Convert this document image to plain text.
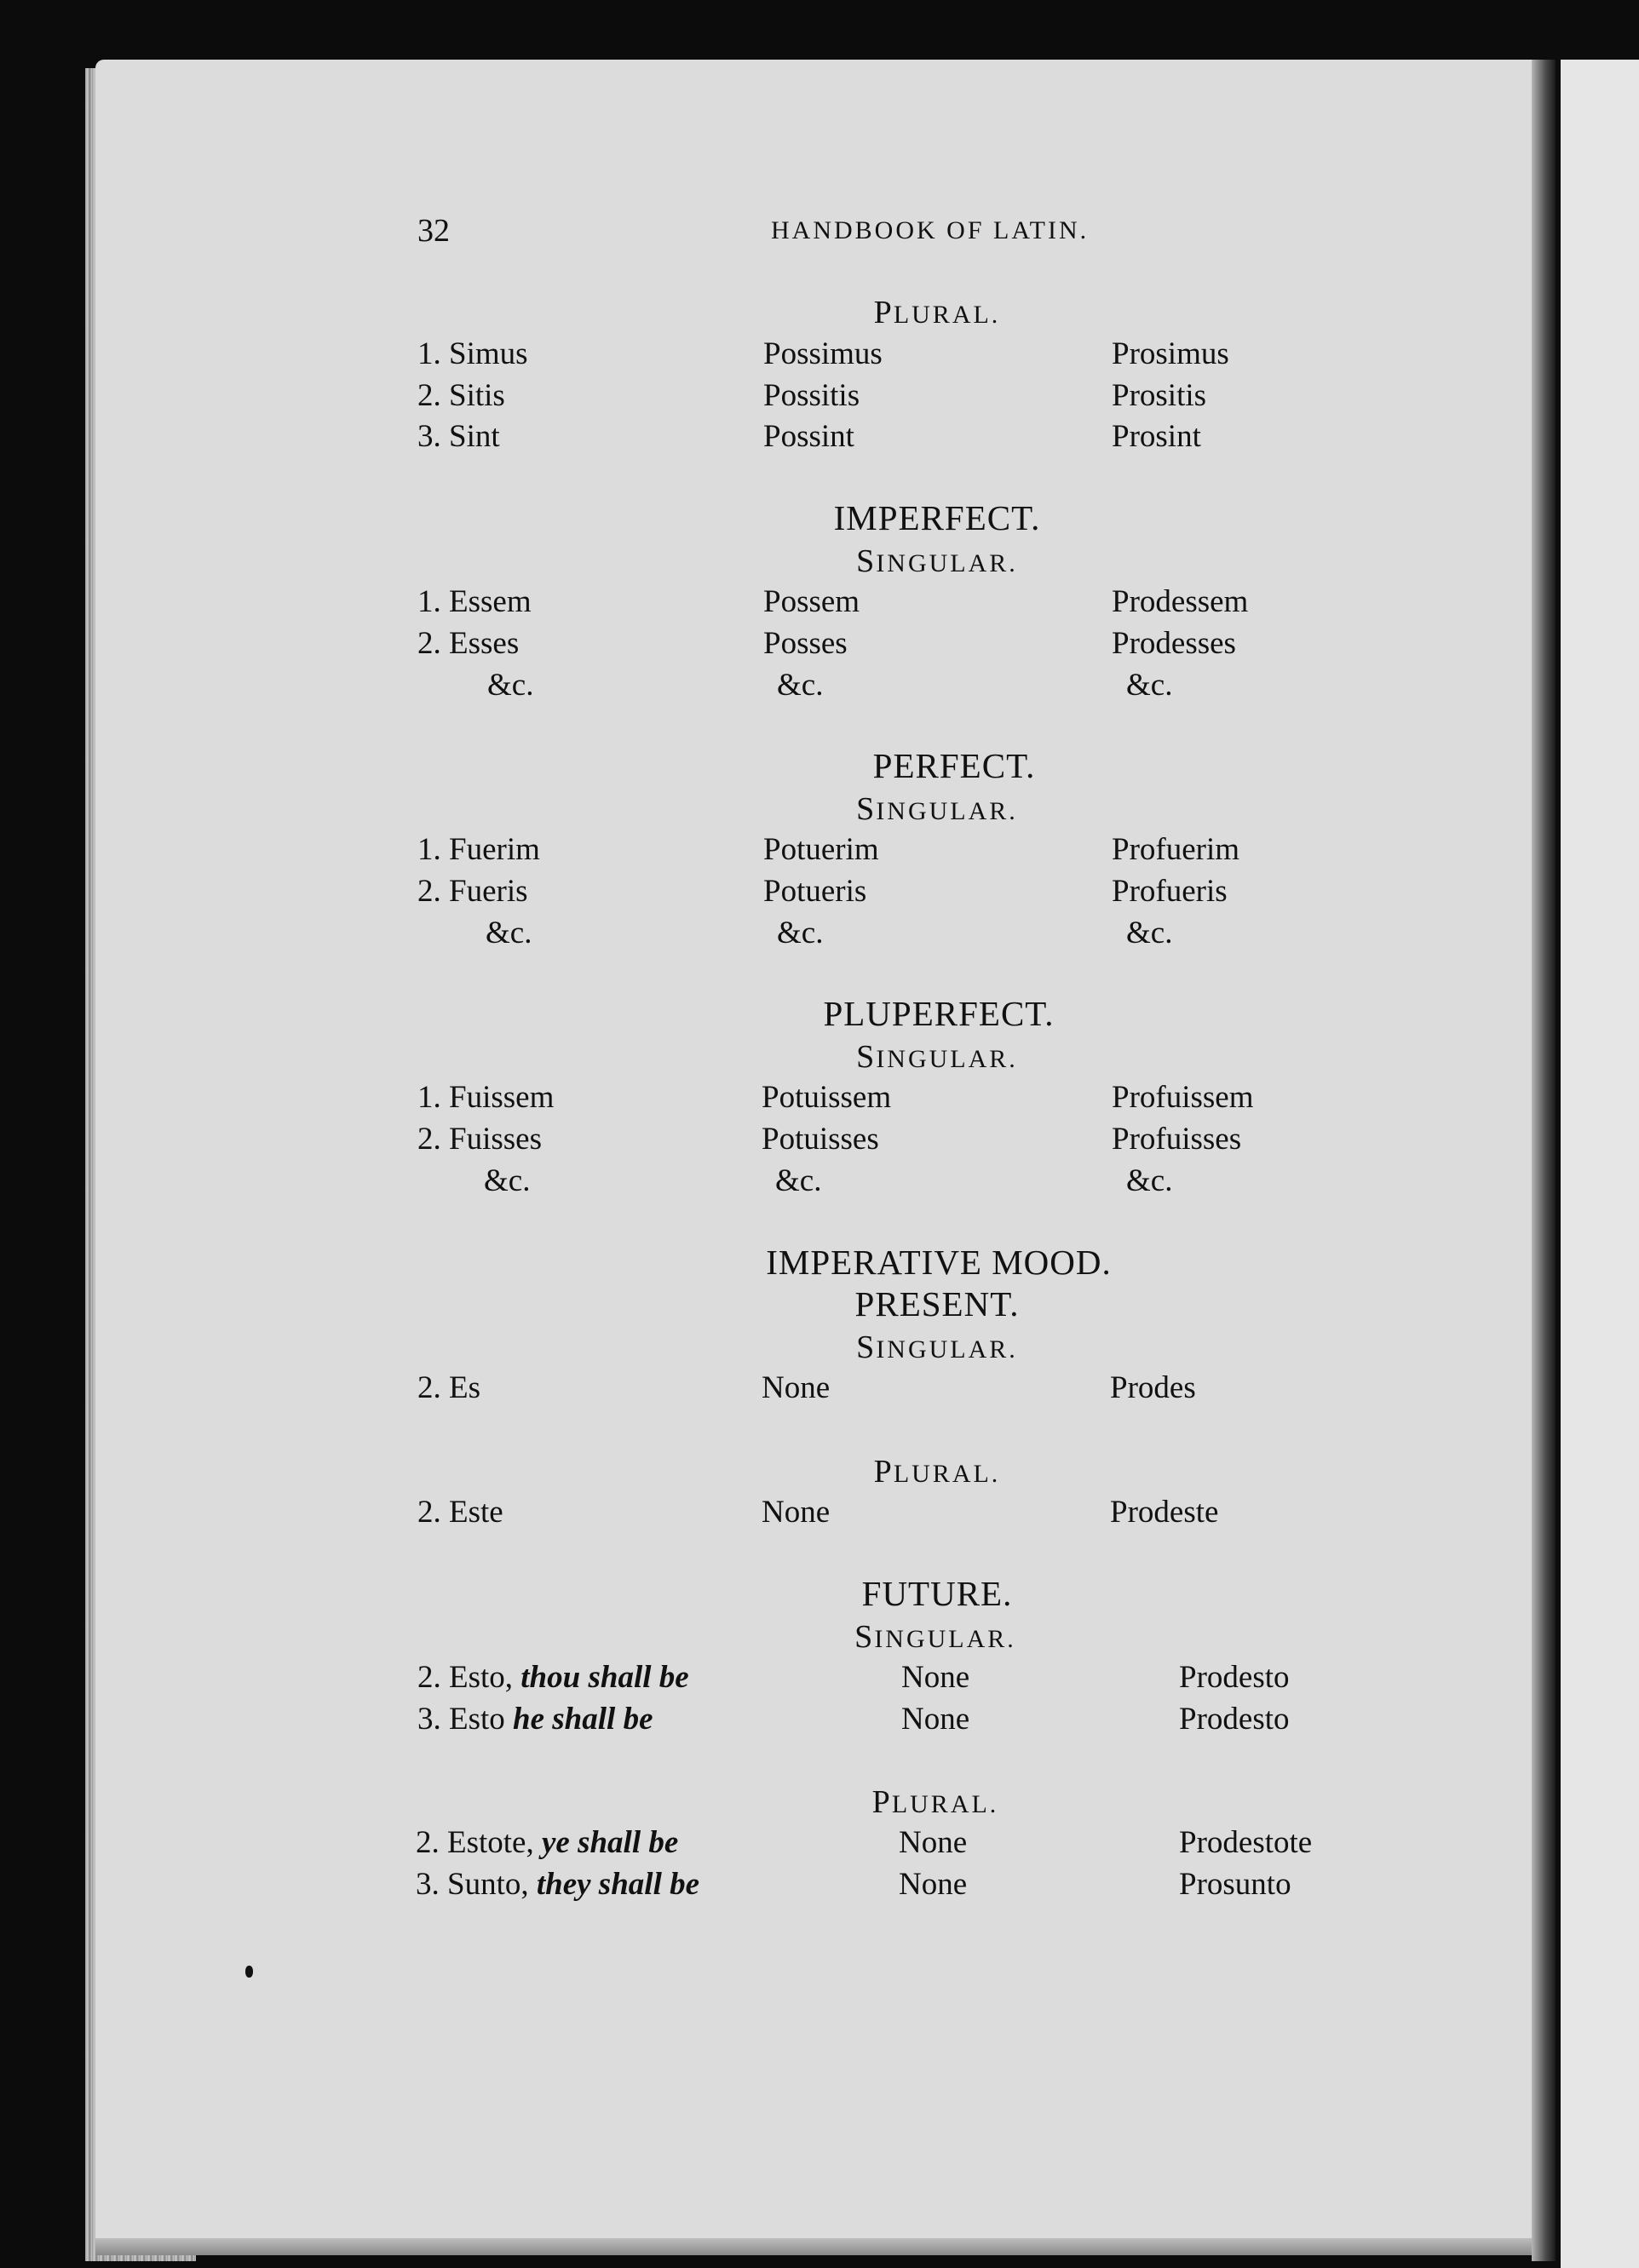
32	HANDBOOK OF LATIN.
PLURAL.
1. Simus	Possimus	Prosimus
2. Sitis	Possitis	Prositis
3. Sint	Possint	Prosint
IMPERFECT.
SINGULAR.
1. Essem	Possem	Prodessem
2. Esses	Posses	Prodesses
&c.	&c.	&c.
PERFECT.
SINGULAR.
1. Fuerim	Potuerim	Profuerim
2. Fueris	Potueris	Profueris
&c.	&c.	&c.
PLUPERFECT.
SINGULAR.
1. Fuissem	Potuissem	Profuissem
2. Fuisses	Potuisses	Profuisses
&c.	&c.	&c.
IMPERATIVE MOOD.
PRESENT.
SINGULAR.
2. Es	None	Prodes
PLURAL.
2. Este	None	Prodeste
FUTURE.
SINGULAR.
2. Esto, thou shall be	None	Prodesto
3. Esto he shall be	None	Prodesto
PLURAL.
2. Estote, ye shall be	None	Prodestote
3. Sunto, they shall be	None	Prosunto
